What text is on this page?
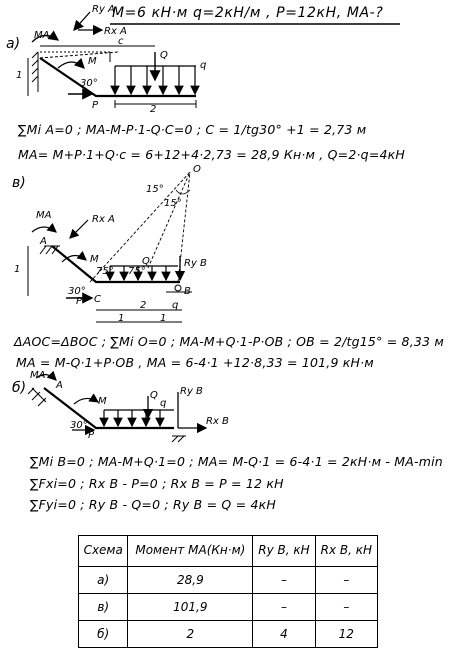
M=6 кН·м q=2кН/м , P=12кН, MA-?
а)
MA
Ry A
Rx A
M
1
P
30°
Q
q
c
2
∑Mi A=0 ; MA-M-P·1-Q·C=0 ; C = 1/tg30° +1 = 2,73 м
MA= M+P·1+Q·c = 6+12+4·2,73 = 28,9 Кн·м , Q=2·q=4кН
в)
O
15°
15°
MA
A
Rx A
M
1	75° 75°
Q	Ry B
30°
P C
B
q
2
1	1
ΔAOC=ΔBOC ; ∑Mi O=0 ; MA-M+Q·1-P·OB ; OB = 2/tg15° = 8,33 м
MA = M-Q·1+P·OB , MA = 6-4·1 +12·8,33 = 101,9 кН·м
б)
MA
A
M
Q
q
Ry B
Rx B
30°
P
∑Mi B=0 ; MA-M+Q·1=0 ; MA= M-Q·1 = 6-4·1 = 2кН·м - MA-min
∑Fxi=0 ; Rx B - P=0 ; Rx B = P = 12 кН
∑Fyi=0 ; Ry B - Q=0 ; Ry B = Q = 4кН
Схема	Момент MA(Кн·м)	Ry B, кН	Rx B, кН
а)	28,9	–	–
в)	101,9	–	–
б)	2	4	12
